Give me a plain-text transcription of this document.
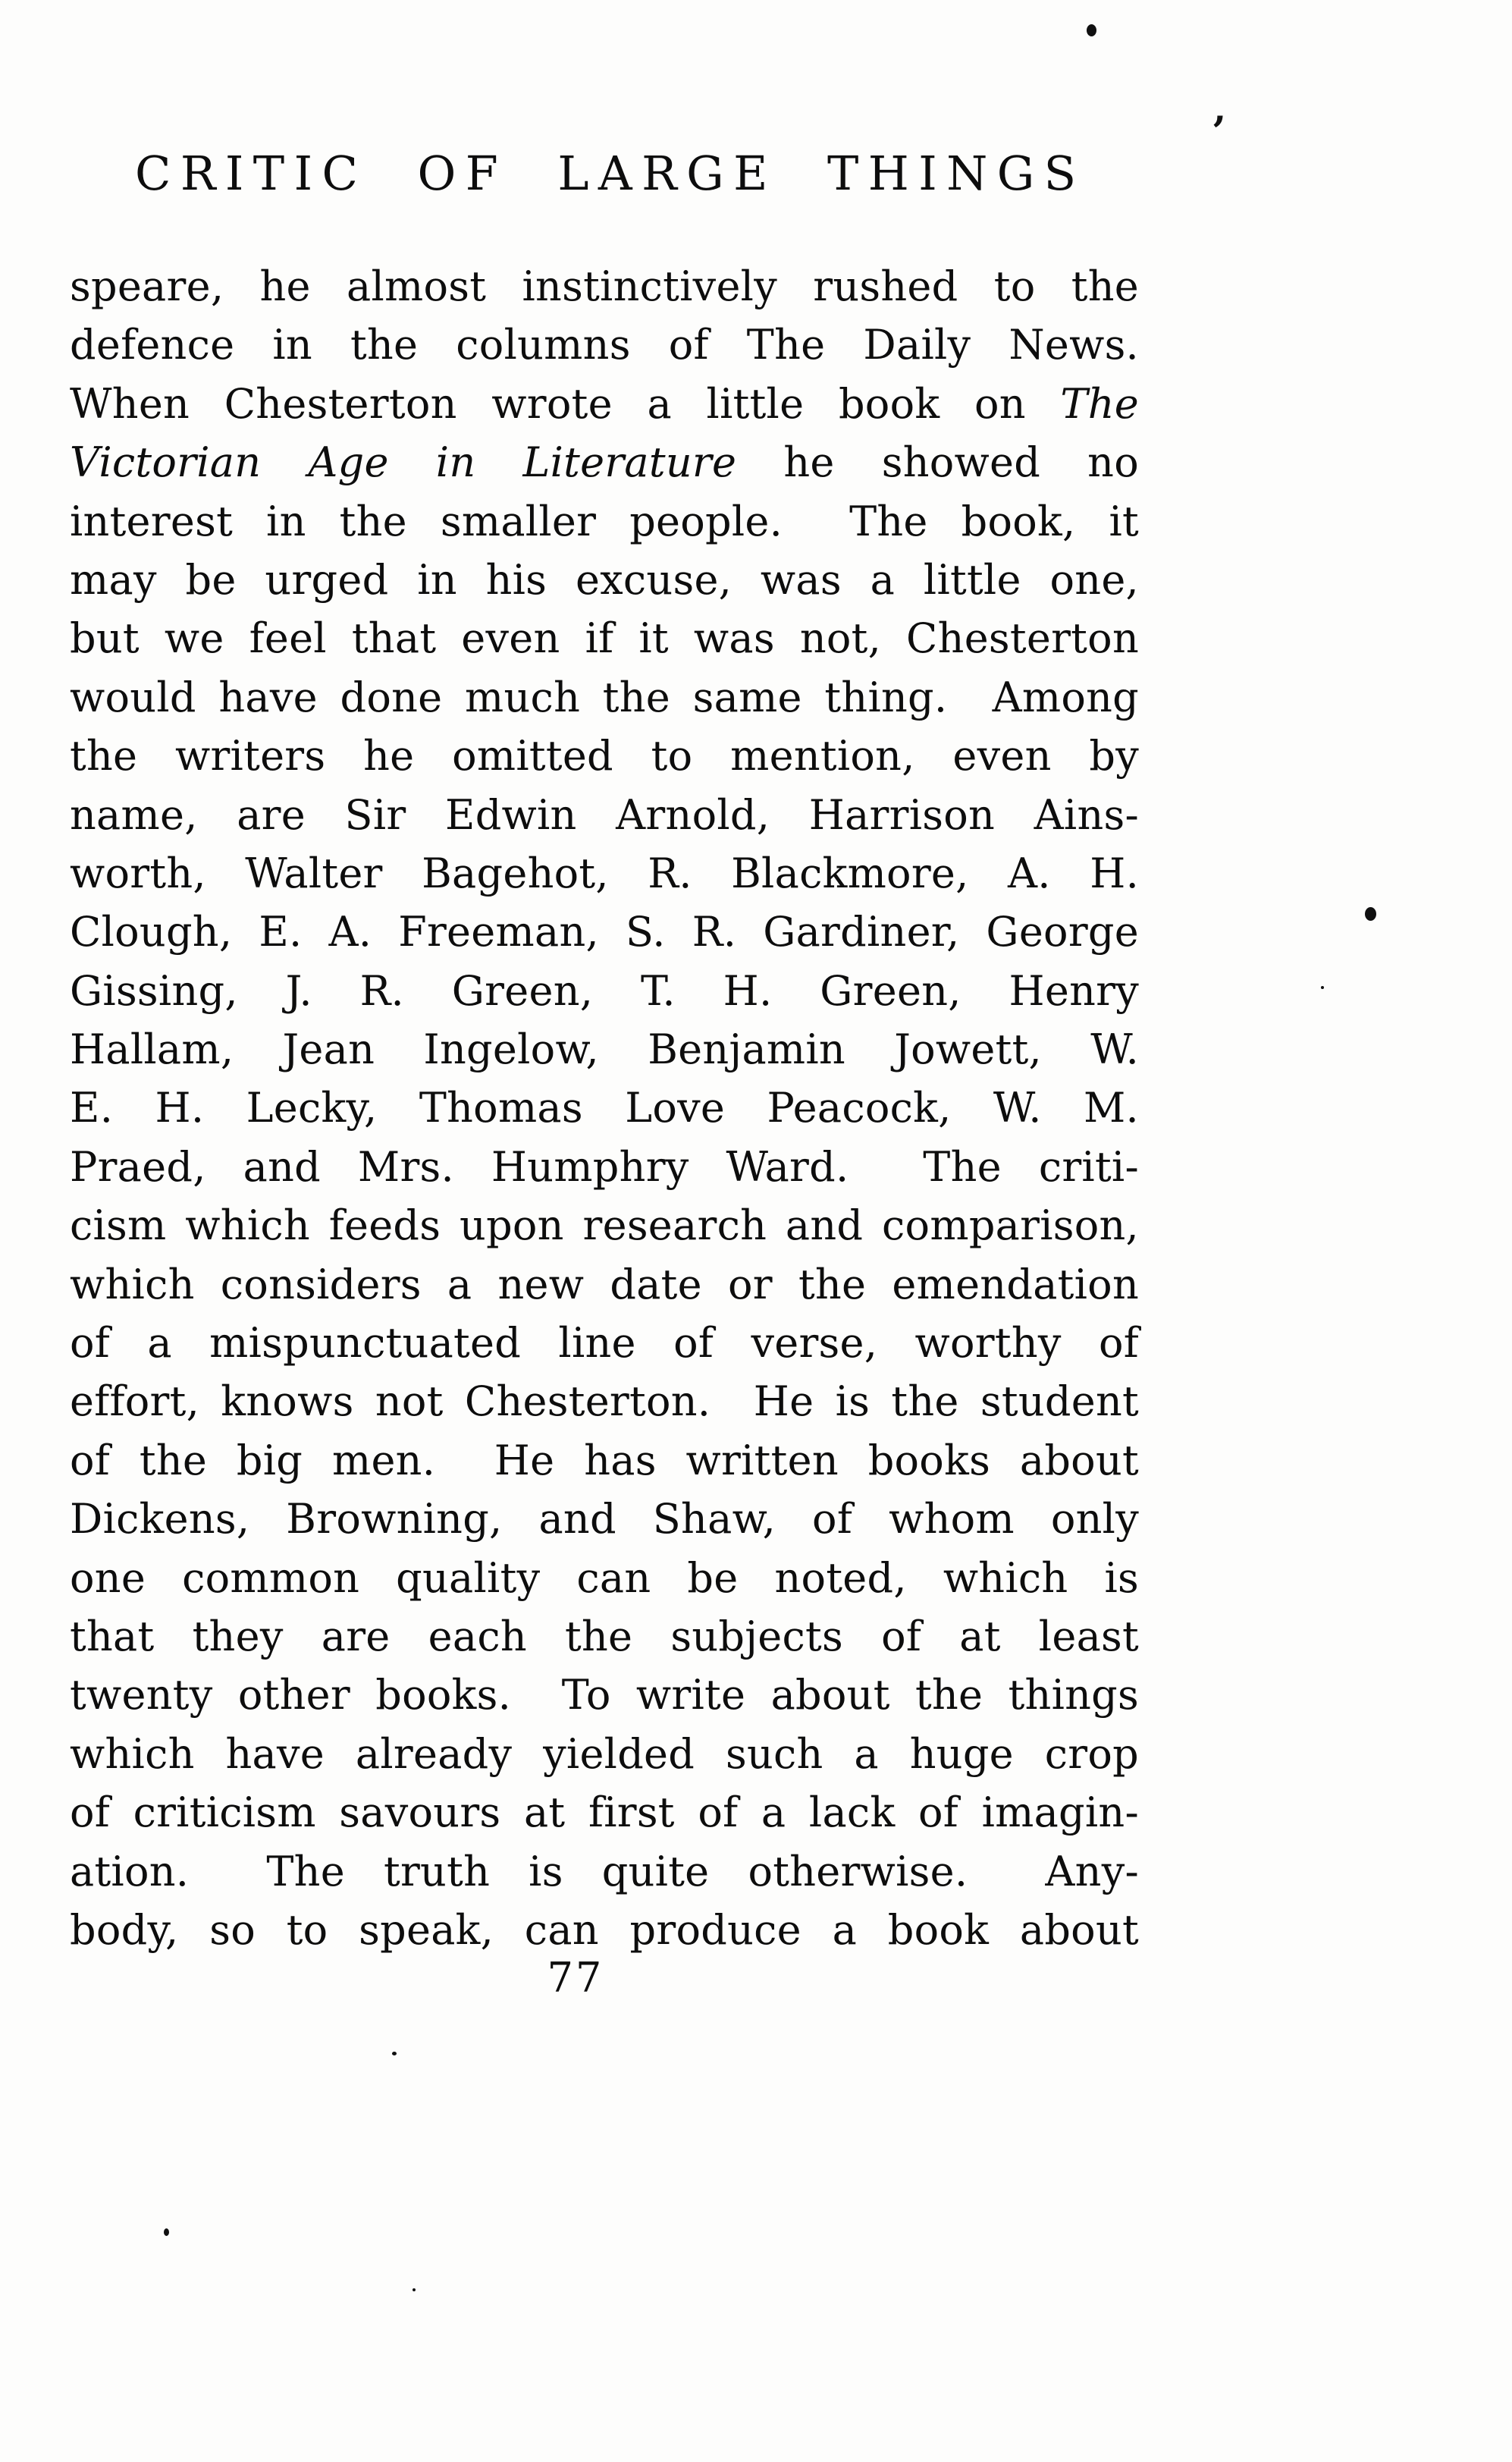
CRITIC OF LARGE THINGS
speare, he almost instinctively rushed to the
defence in the columns of The Daily News.
When Chesterton wrote a little book on The
Victorian Age in Literature he showed no
interest in the smaller people.  The book, it
may be urged in his excuse, was a little one,
but we feel that even if it was not, Chesterton
would have done much the same thing.  Among
the writers he omitted to mention, even by
name, are Sir Edwin Arnold, Harrison Ains-
worth, Walter Bagehot, R. Blackmore, A. H.
Clough, E. A. Freeman, S. R. Gardiner, George
Gissing, J. R. Green, T. H. Green, Henry
Hallam, Jean Ingelow, Benjamin Jowett, W.
E. H. Lecky, Thomas Love Peacock, W. M.
Praed, and Mrs. Humphry Ward.  The criti-
cism which feeds upon research and comparison,
which considers a new date or the emendation
of a mispunctuated line of verse, worthy of
effort, knows not Chesterton.  He is the student
of the big men.  He has written books about
Dickens, Browning, and Shaw, of whom only
one common quality can be noted, which is
that they are each the subjects of at least
twenty other books.  To write about the things
which have already yielded such a huge crop
of criticism savours at first of a lack of imagin-
ation.  The truth is quite otherwise.  Any-
body, so to speak, can produce a book about
77
’
